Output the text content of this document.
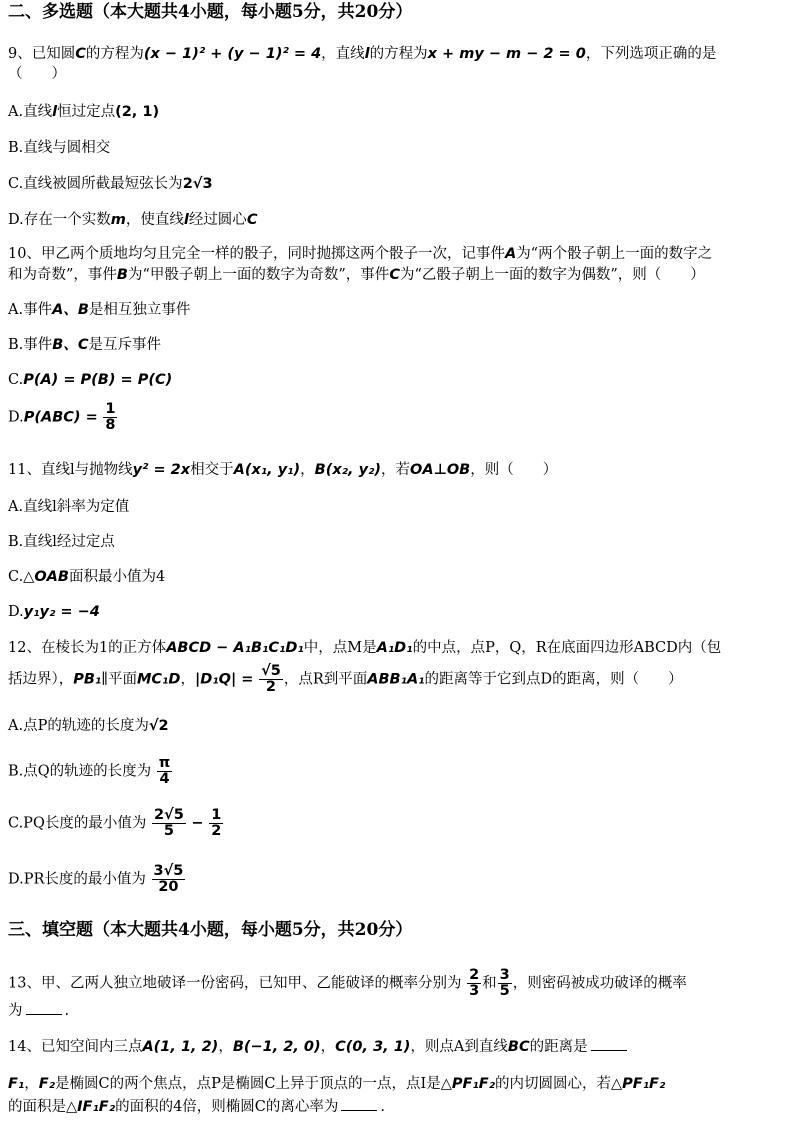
二、多选题（本大题共4小题，每小题5分，共20分）
9、已知圆C的方程为(x − 1)² + (y − 1)² = 4，直线l的方程为x + my − m − 2 = 0，下列选项正确的是
（　　）
A.直线l恒过定点(2, 1)
B.直线与圆相交
C.直线被圆所截最短弦长为2√3
D.存在一个实数m，使直线l经过圆心C
10、甲乙两个质地均匀且完全一样的骰子，同时抛掷这两个骰子一次，记事件A为“两个骰子朝上一面的数字之
和为奇数”，事件B为“甲骰子朝上一面的数字为奇数”，事件C为“乙骰子朝上一面的数字为偶数”，则（　　）
A.事件A、B是相互独立事件
B.事件B、C是互斥事件
C.P(A) = P(B) = P(C)
$D.P(ABC) = \frac{1}{8}$
11、直线l与抛物线y² = 2x相交于A(x₁, y₁)，B(x₂, y₂)，若OA⊥OB，则（　　）
A.直线l斜率为定值
B.直线l经过定点
C.△OAB面积最小值为4
D.y₁y₂ = −4
12、在棱长为1的正方体ABCD − A₁B₁C₁D₁中，点M是A₁D₁的中点，点P，Q，R在底面四边形ABCD内（包
括边界），PB₁∥平面MC₁D，$|D_1Q| = \frac{√5}{2}$ ，点R到平面ABB₁A₁的距离等于它到点D的距离，则（　　）
A.点P的轨迹的长度为√2
B.点Q的轨迹的长度为 $\frac{\pi}{4}$
C.PQ长度的最小值为 $\frac{2√5}{5} - \frac{1}{2}$
D.PR长度的最小值为 $\frac{3√5}{20}$
三、填空题（本大题共4小题，每小题5分，共20分）
13、甲、乙两人独立地破译一份密码，已知甲、乙能破译的概率分别为 $\frac{2}{3}$ 和 $\frac{3}{5}$ ，则密码被成功破译的概率
为	.
14、已知空间内三点A(1, 1, 2)，B(−1, 2, 0)，C(0, 3, 1)，则点A到直线BC的距离是
F₁，F₂是椭圆C的两个焦点，点P是椭圆C上异于顶点的一点，点I是△PF₁F₂的内切圆圆心，若△PF₁F₂
的面积是△IF₁F₂的面积的4倍，则椭圆C的离心率为	.
